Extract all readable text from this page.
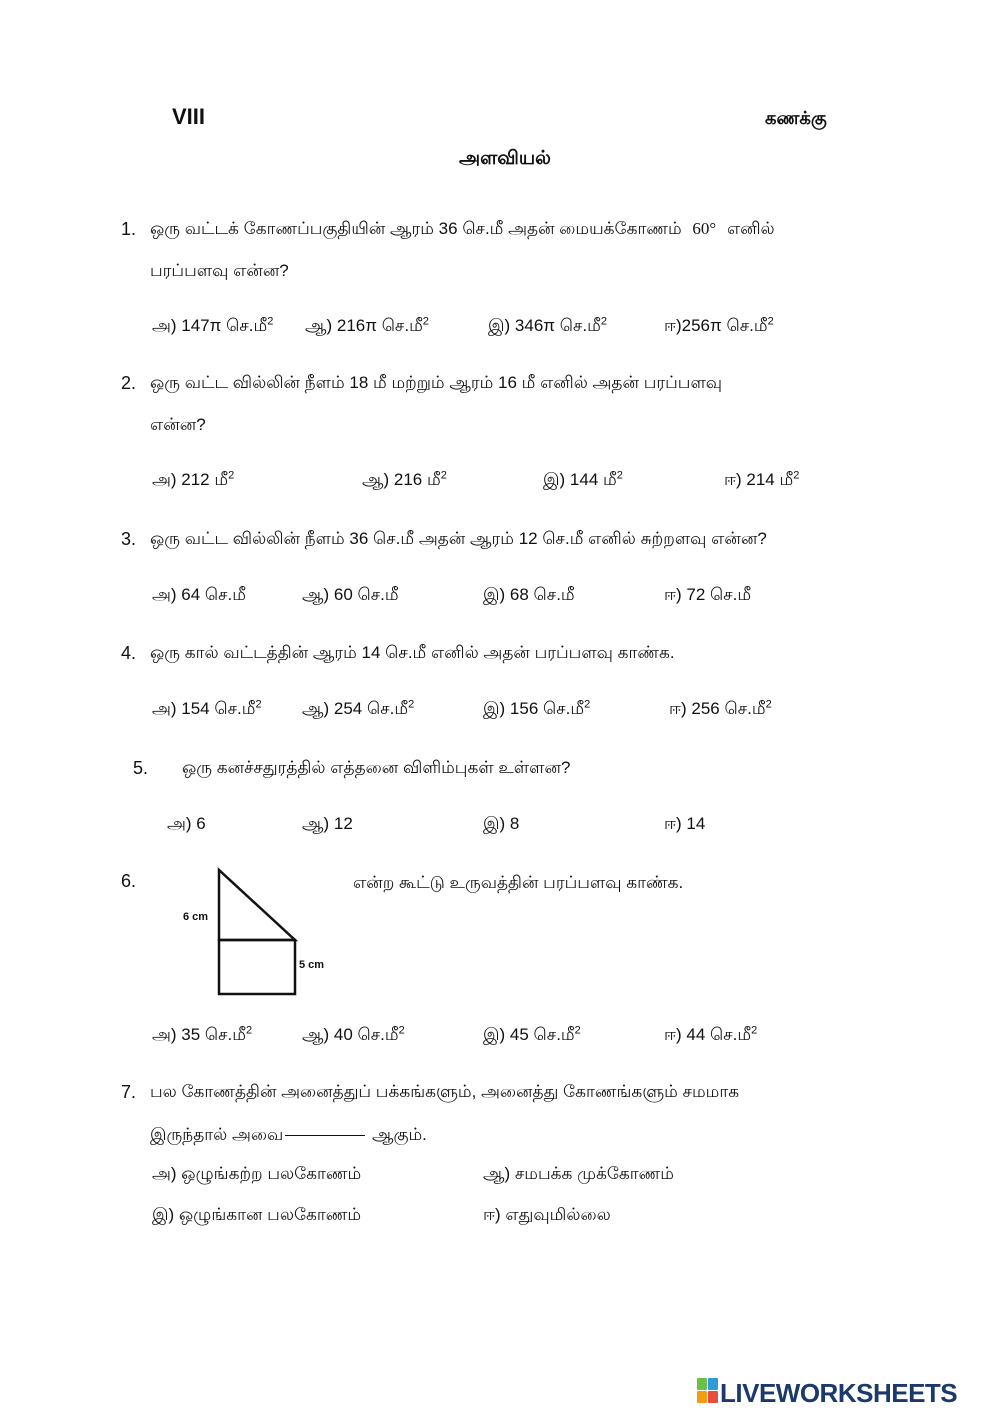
VIII	கணக்கு
அளவியல்
1. ஒரு வட்டக் கோணப்பகுதியின் ஆரம் 36 செ.மீ அதன் மையக்கோணம் 60° எனில்
பரப்பளவு என்ன?
அ) 147π செ.மீ$^2$ ஆ) 216π செ.மீ$^2$	இ) 346π செ.மீ$^2$	ஈ)256π செ.மீ$^2$
2. ஒரு வட்ட வில்லின் நீளம் 18 மீ மற்றும் ஆரம் 16 மீ எனில் அதன் பரப்பளவு
என்ன?
அ) 212 மீ$^2$	ஆ) 216 மீ$^2$	இ) 144 மீ$^2$	ஈ) 214 மீ$^2$
3. ஒரு வட்ட வில்லின் நீளம் 36 செ.மீ அதன் ஆரம் 12 செ.மீ எனில் சுற்றளவு என்ன?
அ) 64 செ.மீ	ஆ) 60 செ.மீ	இ) 68 செ.மீ	ஈ) 72 செ.மீ
4. ஒரு கால் வட்டத்தின் ஆரம் 14 செ.மீ எனில் அதன் பரப்பளவு காண்க.
அ) 154 செ.மீ$^2$ ஆ) 254 செ.மீ$^2$	இ) 156 செ.மீ$^2$	ஈ) 256 செ.மீ$^2$
5. ஒரு கனச்சதுரத்தில் எத்தனை விளிம்புகள் உள்ளன?
அ) 6	ஆ) 12	இ) 8	ஈ) 14
6.
6 cm
5 cm
என்ற கூட்டு உருவத்தின் பரப்பளவு காண்க.
அ) 35 செ.மீ$^2$	ஆ) 40 செ.மீ$^2$	இ) 45 செ.மீ$^2$	ஈ) 44 செ.மீ$^2$
7. பல கோணத்தின் அனைத்துப் பக்கங்களும், அனைத்து கோணங்களும் சமமாக
இருந்தால் அவை	ஆகும்.
அ) ஒழுங்கற்ற பலகோணம்	ஆ) சமபக்க முக்கோணம்
இ) ஒழுங்கான பலகோணம்	ஈ) எதுவுமில்லை
LIVEWORKSHEETS
